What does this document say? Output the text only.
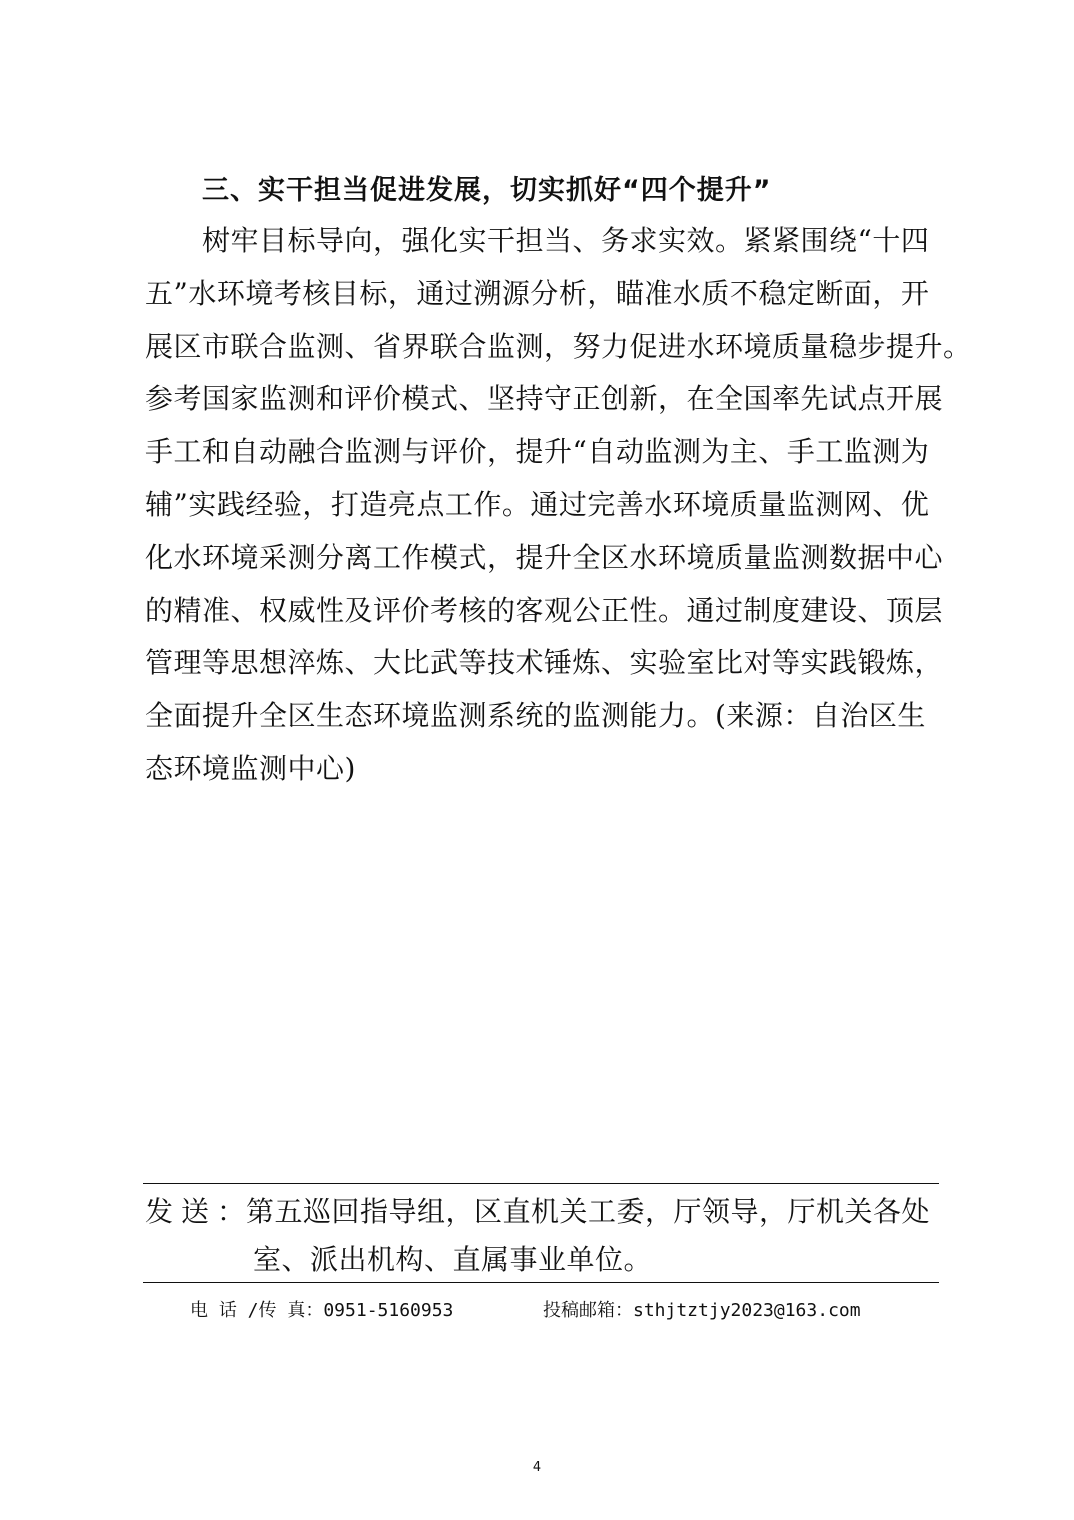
三、实干担当促进发展，切实抓好“四个提升”
树牢目标导向，强化实干担当、务求实效。紧紧围绕“十四
五”水环境考核目标，通过溯源分析，瞄准水质不稳定断面，开
展区市联合监测、省界联合监测，努力促进水环境质量稳步提升。
参考国家监测和评价模式、坚持守正创新，在全国率先试点开展
手工和自动融合监测与评价，提升“自动监测为主、手工监测为
辅”实践经验，打造亮点工作。通过完善水环境质量监测网、优
化水环境采测分离工作模式，提升全区水环境质量监测数据中心
的精准、权威性及评价考核的客观公正性。通过制度建设、顶层
管理等思想淬炼、大比武等技术锤炼、实验室比对等实践锻炼，
全面提升全区生态环境监测系统的监测能力。(来源：自治区生
态环境监测中心)
发送：
第五巡回指导组，区直机关工委，厅领导，厅机关各处
室、派出机构、直属事业单位。
电 话 /传 真：0951-5160953	投稿邮箱：sthjtztjy2023@163.com
4
